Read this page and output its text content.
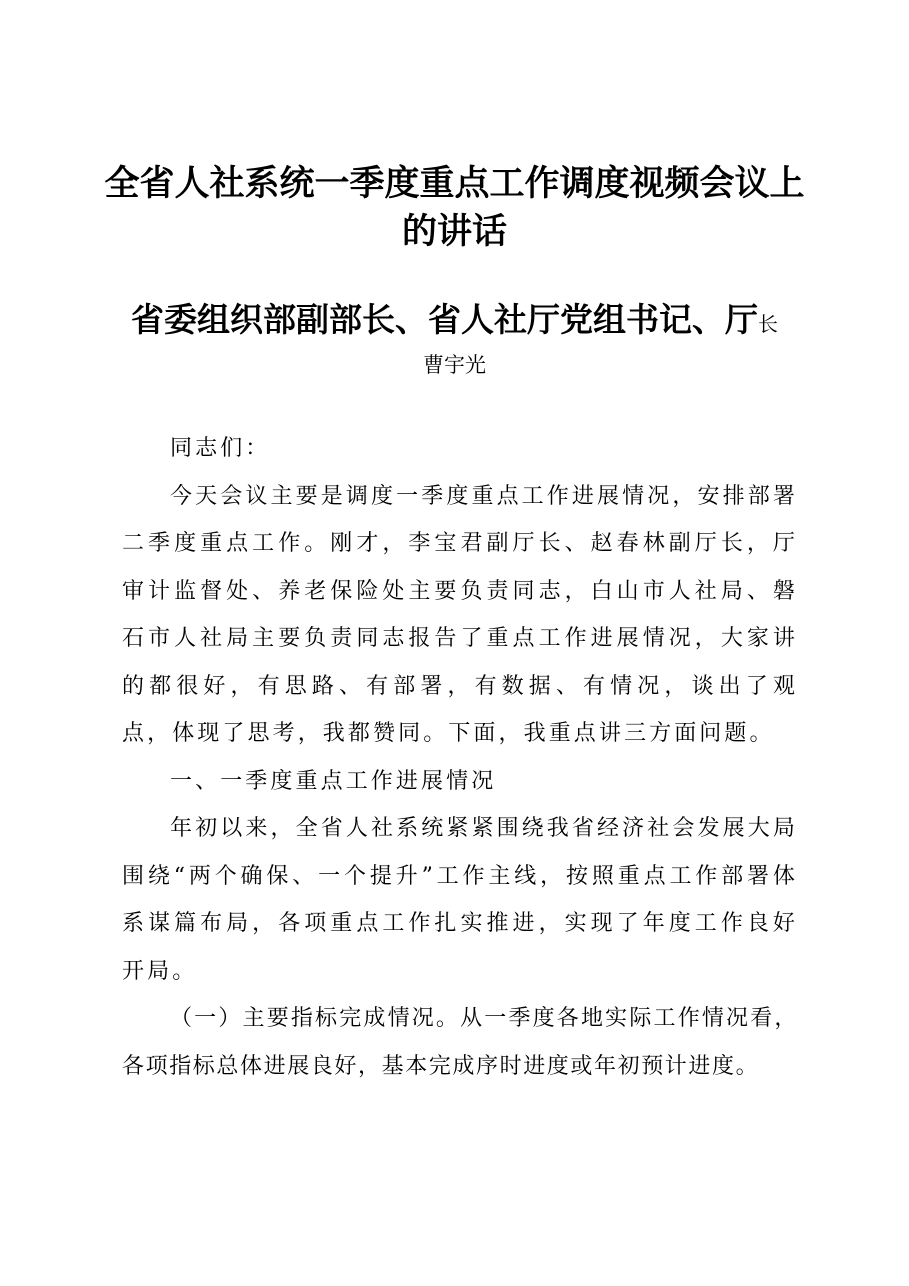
全省人社系统一季度重点工作调度视频会议上
的讲话
省委组织部副部长、省人社厅党组书记、厅长
曹宇光

同志们：

今天会议主要是调度一季度重点工作进展情况，安排部署二季度重点工作。刚才，李宝君副厅长、赵春林副厅长，厅审计监督处、养老保险处主要负责同志，白山市人社局、磐石市人社局主要负责同志报告了重点工作进展情况，大家讲的都很好，有思路、有部署，有数据、有情况，谈出了观点，体现了思考，我都赞同。下面，我重点讲三方面问题。

一、一季度重点工作进展情况

年初以来，全省人社系统紧紧围绕我省经济社会发展大局围绕“两个确保、一个提升”工作主线，按照重点工作部署体系谋篇布局，各项重点工作扎实推进，实现了年度工作良好开局。

（一）主要指标完成情况。从一季度各地实际工作情况看，各项指标总体进展良好，基本完成序时进度或年初预计进度。
